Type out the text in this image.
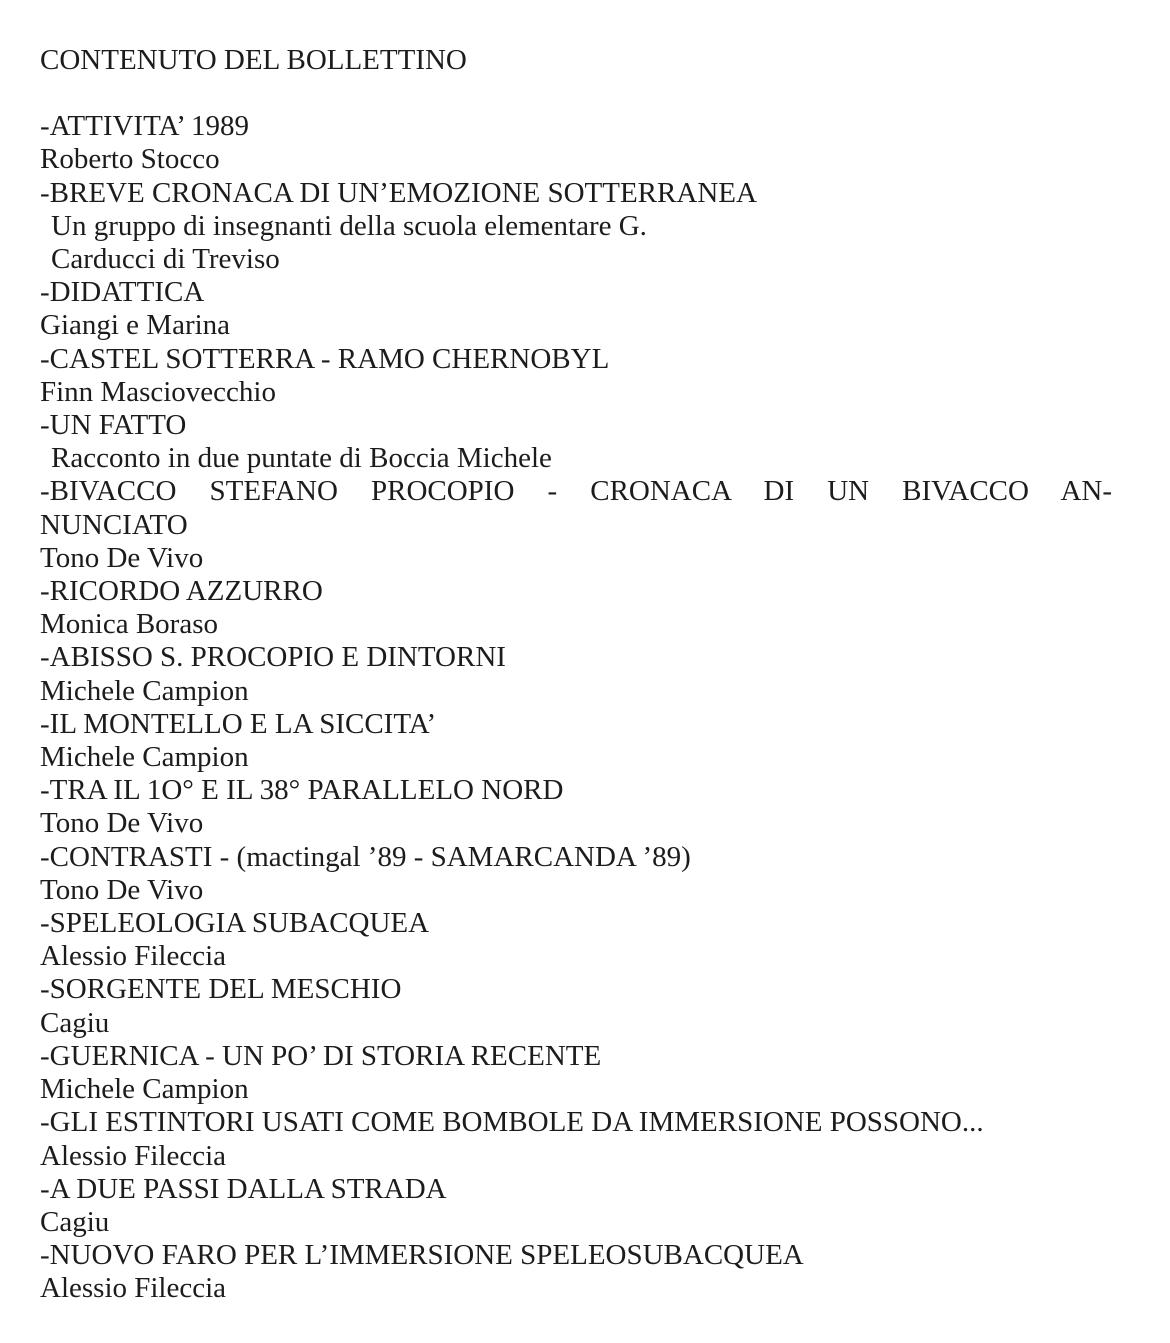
CONTENUTO DEL BOLLETTINO

-ATTIVITA’ 1989

Roberto Stocco

-BREVE CRONACA DI UN’EMOZIONE SOTTERRANEA

Un gruppo di insegnanti della scuola elementare G.

Carducci di Treviso

-DIDATTICA

Giangi e Marina

-CASTEL SOTTERRA - RAMO CHERNOBYL

Finn Masciovecchio

-UN FATTO

Racconto in due puntate di Boccia Michele

-BIVACCO STEFANO PROCOPIO - CRONACA DI UN BIVACCO AN-

NUNCIATO

Tono De Vivo

-RICORDO AZZURRO

Monica Boraso

-ABISSO S. PROCOPIO E DINTORNI

Michele Campion

-IL MONTELLO E LA SICCITA’

Michele Campion

-TRA IL 1O° E IL 38° PARALLELO NORD

Tono De Vivo

-CONTRASTI - (mactingal ’89 - SAMARCANDA ’89)

Tono De Vivo

-SPELEOLOGIA SUBACQUEA

Alessio Fileccia

-SORGENTE DEL MESCHIO

Cagiu

-GUERNICA - UN PO’ DI STORIA RECENTE

Michele Campion

-GLI ESTINTORI USATI COME BOMBOLE DA IMMERSIONE POSSONO...

Alessio Fileccia

-A DUE PASSI DALLA STRADA

Cagiu

-NUOVO FARO PER L’IMMERSIONE SPELEOSUBACQUEA

Alessio Fileccia
